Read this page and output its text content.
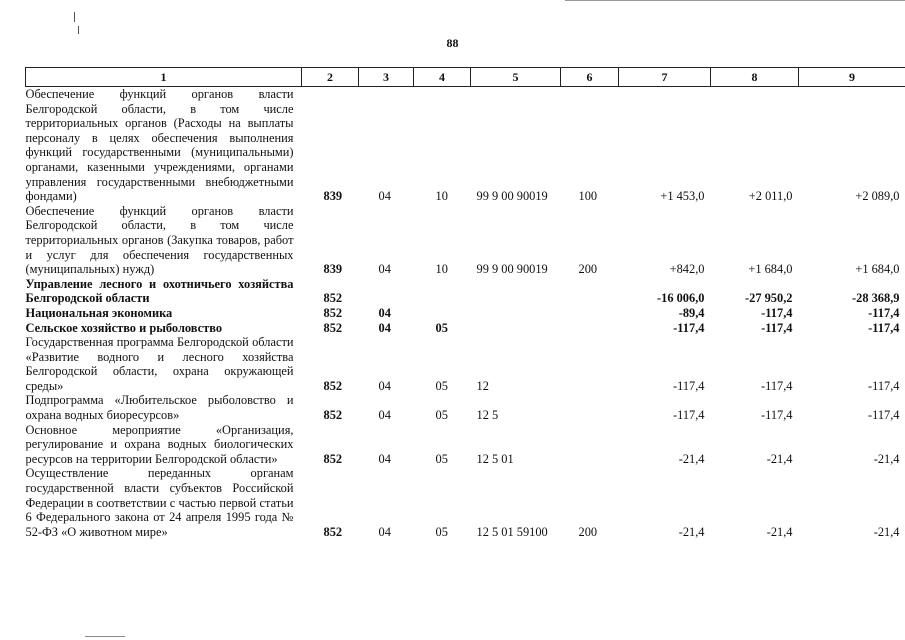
88
1	2	3	4	5	6	7	8	9
Обеспечение функций органов власти Белгородской области, в том числе территориальных органов (Расходы на выплаты персоналу в целях обеспечения выполнения функций государственными (муниципальными) органами, казенными учреждениями, органами управления государственными внебюджетными фондами)	839	04	10	99 9 00 90019	100	+1 453,0	+2 011,0	+2 089,0
Обеспечение функций органов власти Белгородской области, в том числе территориальных органов (Закупка товаров, работ и услуг для обеспечения государственных (муниципальных) нужд)	839	04	10	99 9 00 90019	200	+842,0	+1 684,0	+1 684,0
Управление лесного и охотничьего хозяйства Белгородской области	852					-16 006,0	-27 950,2	-28 368,9
Национальная экономика	852	04				-89,4	-117,4	-117,4
Сельское хозяйство и рыболовство	852	04	05			-117,4	-117,4	-117,4
Государственная программа Белгородской области «Развитие водного и лесного хозяйства Белгородской области, охрана окружающей среды»	852	04	05	12		-117,4	-117,4	-117,4
Подпрограмма «Любительское рыболовство и охрана водных биоресурсов»	852	04	05	12 5		-117,4	-117,4	-117,4
Основное мероприятие «Организация, регулирование и охрана водных биологических ресурсов на территории Белгородской области»	852	04	05	12 5 01		-21,4	-21,4	-21,4
Осуществление переданных органам государственной власти субъектов Российской Федерации в соответствии с частью первой статьи 6 Федерального закона от 24 апреля 1995 года № 52-ФЗ «О животном мире»	852	04	05	12 5 01 59100	200	-21,4	-21,4	-21,4
